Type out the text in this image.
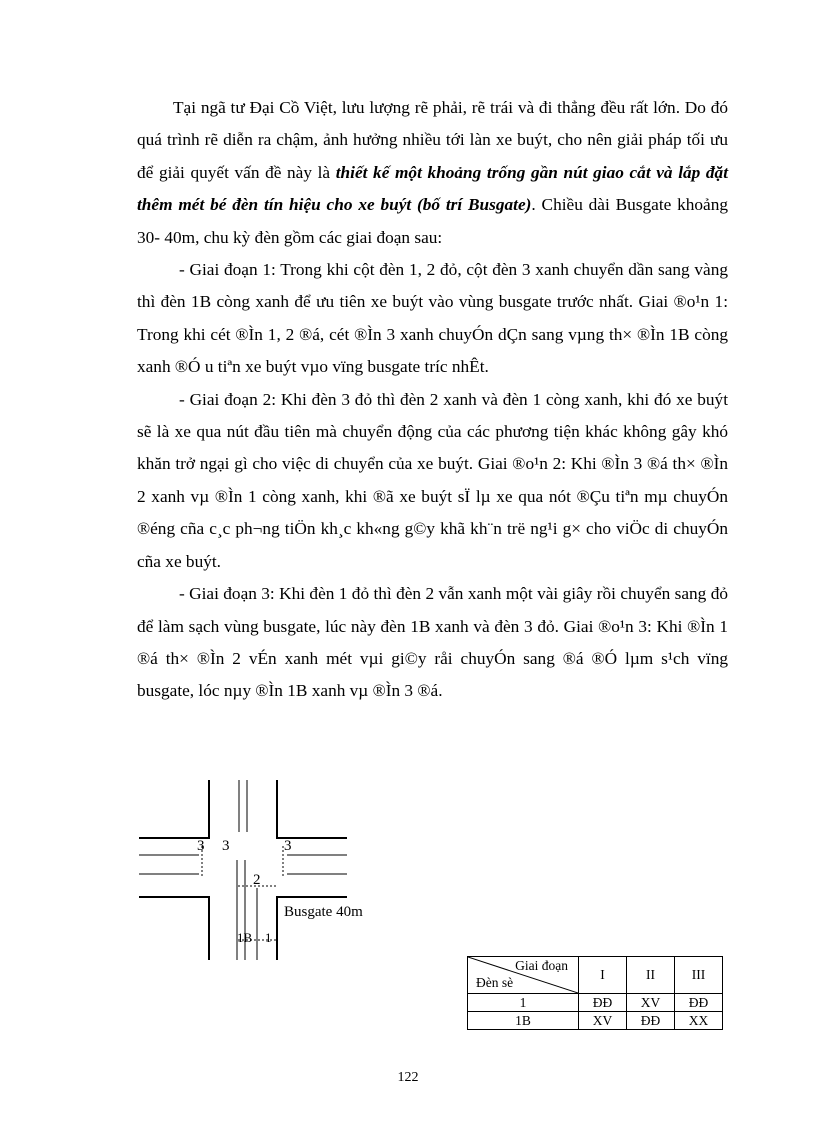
Tại ngã tư Đại Cồ Việt, lưu lượng rẽ phải, rẽ trái và đi thẳng đều rất lớn. Do đó quá trình rẽ diễn ra chậm, ảnh hưởng nhiều tới làn xe buýt, cho nên giải pháp tối ưu để giải quyết vấn đề này là thiết kế một khoảng trống gần nút giao cắt và lắp đặt thêm mét bé đèn tín hiệu cho xe buýt (bố trí Busgate). Chiều dài Busgate khoảng 30- 40m, chu kỳ đèn gồm các giai đoạn sau:

- Giai đoạn 1: Trong khi cột đèn 1, 2 đỏ, cột đèn 3 xanh chuyển dần sang vàng thì đèn 1B còng xanh để ưu tiên xe buýt vào vùng busgate trước nhất. Giai ®o¹n 1: Trong khi cét ®Ìn 1, 2 ®á, cét ®Ìn 3 xanh chuyÓn dÇn sang vµng th× ®Ìn 1B còng xanh ®Ó u tiªn xe buýt vµo vïng busgate tríc nhÊt.

- Giai đoạn 2: Khi đèn 3 đỏ thì đèn 2 xanh và đèn 1 còng xanh, khi đó xe buýt sẽ là xe qua nút đầu tiên mà chuyển động của các phương tiện khác không gây khó khăn trở ngại gì cho việc di chuyển của xe buýt. Giai ®o¹n 2: Khi ®Ìn 3 ®á th× ®Ìn 2 xanh vµ ®Ìn 1 còng xanh, khi ®ã xe buýt sÏ lµ xe qua nót ®Çu tiªn mµ chuyÓn ®éng cña c¸c ph¬ng tiÖn kh¸c kh«ng g©y khã kh¨n trë ng¹i g× cho viÖc di chuyÓn cña xe buýt.

- Giai đoạn 3: Khi đèn 1 đỏ thì đèn 2 vẫn xanh một vài giây rồi chuyển sang đỏ để làm sạch vùng busgate, lúc này đèn 1B xanh và đèn 3 đỏ. Giai ®o¹n 3: Khi ®Ìn 1 ®á th× ®Ìn 2 vÉn xanh mét vµi gi©y råi chuyÓn sang ®á ®Ó lµm s¹ch vïng busgate, lóc nµy ®Ìn 1B xanh vµ ®Ìn 3 ®á.

3 3	3
2
1B 1
Busgate 40m
Giai đoạn
Đèn sè	I	II	III
1	ĐĐ	XV	ĐĐ
1B	XV	ĐĐ	XX
122
